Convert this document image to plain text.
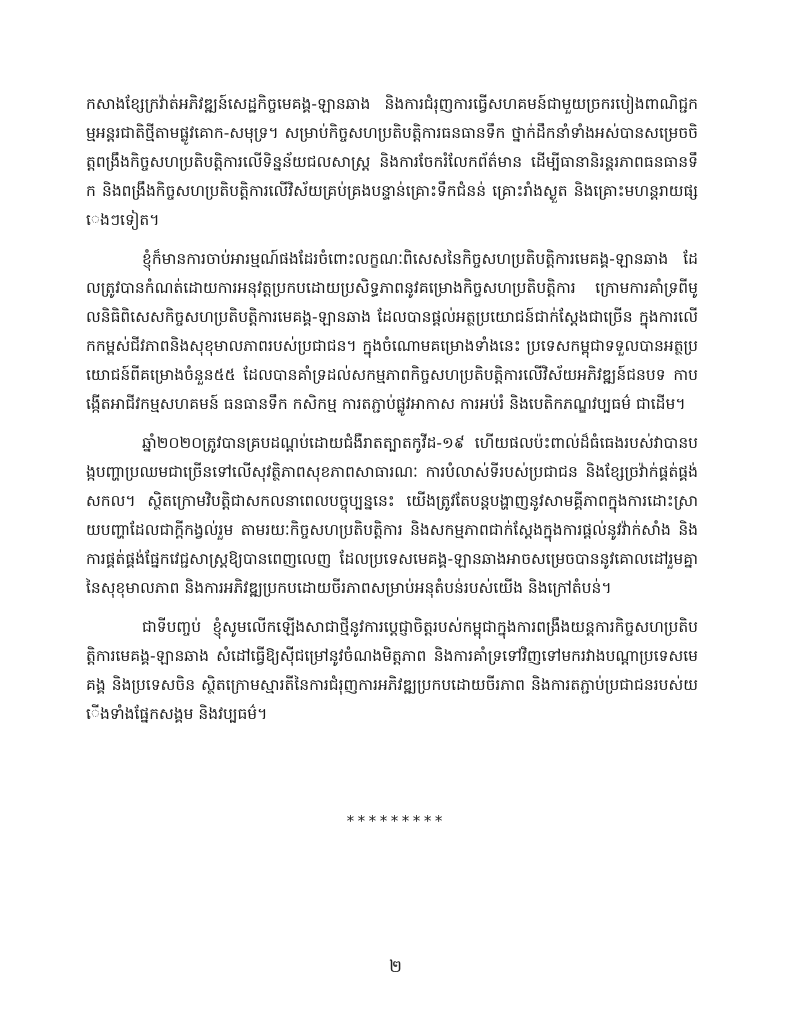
កសាងខ្សែក្រវ៉ាត់អភិវឌ្ឍន៍សេដ្ឋកិច្ចមេគង្គ-ឡានឆាង និងការជំរុញការធ្វើសហគមន៍ជាមួយច្រករបៀងពាណិជ្ជកម្មអន្តរជាតិថ្មីតាមផ្លូវគោក-សមុទ្រ។ សម្រាប់កិច្ចសហប្រតិបត្តិការធនធានទឹក ថ្នាក់ដឹកនាំទាំងអស់បានសម្រេចចិត្តពង្រឹងកិច្ចសហប្រតិបត្តិការលើទិន្នន័យជលសាស្ត្រ និងការចែករំលែកព័ត៌មាន ដើម្បីធានានិរន្តរភាពធនធានទឹក និងពង្រឹងកិច្ចសហប្រតិបត្តិការលើវិស័យគ្រប់គ្រងបន្ទាន់គ្រោះទឹកជំនន់ គ្រោះរាំងស្ងួត និងគ្រោះមហន្តរាយផ្សេងៗទៀត។

ខ្ញុំក៏មានការចាប់អារម្មណ៍ផងដែរចំពោះលក្ខណៈពិសេសនៃកិច្ចសហប្រតិបត្តិការមេគង្គ-ឡានឆាង ដែលត្រូវបានកំណត់ដោយការអនុវត្តប្រកបដោយប្រសិទ្ធភាពនូវគម្រោងកិច្ចសហប្រតិបត្តិការ ក្រោមការគាំទ្រពីមូលនិធិពិសេសកិច្ចសហប្រតិបត្តិការមេគង្គ-ឡានឆាង ដែលបានផ្តល់អត្ថប្រយោជន៍ជាក់ស្តែងជាច្រើន ក្នុងការលើកកម្ពស់ជីវភាពនិងសុខុមាលភាពរបស់ប្រជាជន។ ក្នុងចំណោមគម្រោងទាំងនេះ ប្រទេសកម្ពុជាទទួលបានអត្ថប្រយោជន៍ពីគម្រោងចំនួន៥៥ ដែលបានគាំទ្រដល់សកម្មភាពកិច្ចសហប្រតិបត្តិការលើវិស័យអភិវឌ្ឍន៍ជនបទ កាបង្កើតអាជីវកម្មសហគមន៍ ធនធានទឹក កសិកម្ម ការតភ្ជាប់ផ្លូវអាកាស ការអប់រំ និងបេតិកភណ្ឌវប្បធម៌ ជាដើម។

ឆ្នាំ២០២០ត្រូវបានគ្របដណ្តប់ដោយជំងឺរាតត្បាតកូវីដ-១៩ ហើយផលប៉ះពាល់ដ៏ធំធេងរបស់វាបានបង្កបញ្ហាប្រឈមជាច្រើនទៅលើសុវត្ថិភាពសុខភាពសាធារណៈ ការបំលាស់ទីរបស់ប្រជាជន និងខ្សែច្រវ៉ាក់ផ្គត់ផ្គង់សកល។ ស្ថិតក្រោមវិបត្តិជាសកលនាពេលបច្ចុប្បន្ននេះ យើងត្រូវតែបន្តបង្ហាញនូវសាមគ្គីភាពក្នុងការដោះស្រាយបញ្ហាដែលជាក្តីកង្វល់រួម តាមរយៈកិច្ចសហប្រតិបត្តិការ និងសកម្មភាពជាក់ស្តែងក្នុងការផ្តល់នូវវ៉ាក់សាំង និងការផ្គត់ផ្គង់ផ្នែកវេជ្ជសាស្ត្រឱ្យបានពេញលេញ ដែលប្រទេសមេគង្គ-ឡានឆាងអាចសម្រេចបាននូវគោលដៅរួមគ្នានៃសុខុមាលភាព និងការអភិវឌ្ឍប្រកបដោយចីរភាពសម្រាប់អនុតំបន់របស់យើង និងក្រៅតំបន់។

ជាទីបញ្ចប់ ខ្ញុំសូមលើកឡើងសាជាថ្មីនូវការប្តេជ្ញាចិត្តរបស់កម្ពុជាក្នុងការពង្រឹងយន្តការកិច្ចសហប្រតិបត្តិការមេគង្គ-ឡានឆាង សំដៅធ្វើឱ្យស៊ីជម្រៅនូវចំណងមិត្តភាព និងការគាំទ្រទៅវិញទៅមករវាងបណ្តាប្រទេសមេគង្គ និងប្រទេសចិន ស្ថិតក្រោមស្មារតីនៃការជំរុញការអភិវឌ្ឍប្រកបដោយចីរភាព និងការតភ្ជាប់ប្រជាជនរបស់យើងទាំងផ្នែកសង្គម និងវប្បធម៌។

*********
២
